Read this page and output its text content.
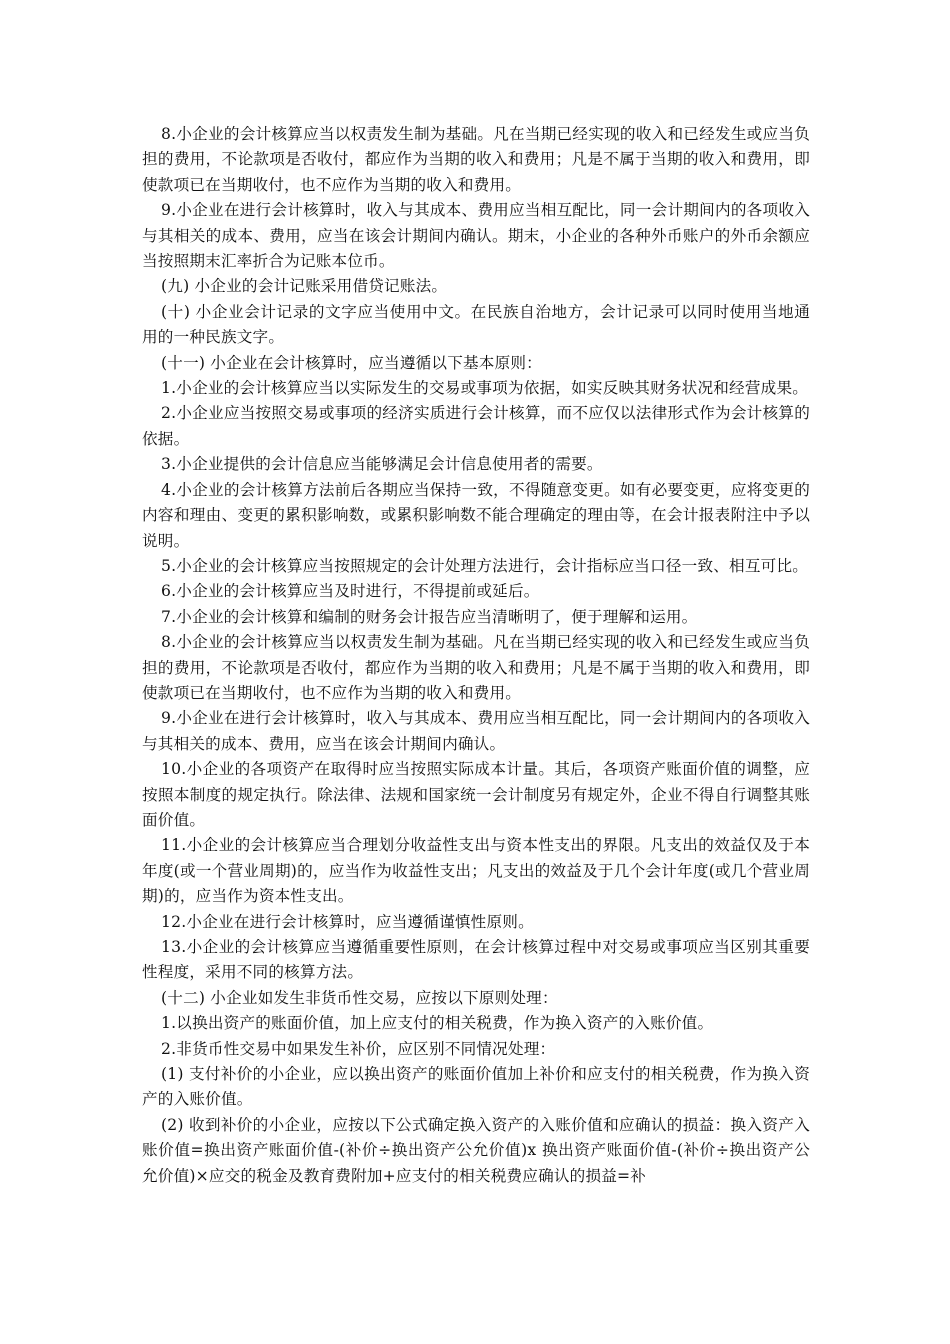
8.小企业的会计核算应当以权责发生制为基础。凡在当期已经实现的收入和已经发生或应当负担的费用，不论款项是否收付，都应作为当期的收入和费用；凡是不属于当期的收入和费用，即使款项已在当期收付，也不应作为当期的收入和费用。

9.小企业在进行会计核算时，收入与其成本、费用应当相互配比，同一会计期间内的各项收入与其相关的成本、费用，应当在该会计期间内确认。期末，小企业的各种外币账户的外币余额应当按照期末汇率折合为记账本位币。

(九) 小企业的会计记账采用借贷记账法。

(十) 小企业会计记录的文字应当使用中文。在民族自治地方，会计记录可以同时使用当地通用的一种民族文字。

(十一) 小企业在会计核算时，应当遵循以下基本原则：

1.小企业的会计核算应当以实际发生的交易或事项为依据，如实反映其财务状况和经营成果。

2.小企业应当按照交易或事项的经济实质进行会计核算，而不应仅以法律形式作为会计核算的依据。

3.小企业提供的会计信息应当能够满足会计信息使用者的需要。

4.小企业的会计核算方法前后各期应当保持一致，不得随意变更。如有必要变更，应将变更的内容和理由、变更的累积影响数，或累积影响数不能合理确定的理由等，在会计报表附注中予以说明。

5.小企业的会计核算应当按照规定的会计处理方法进行，会计指标应当口径一致、相互可比。

6.小企业的会计核算应当及时进行，不得提前或延后。

7.小企业的会计核算和编制的财务会计报告应当清晰明了，便于理解和运用。

8.小企业的会计核算应当以权责发生制为基础。凡在当期已经实现的收入和已经发生或应当负担的费用，不论款项是否收付，都应作为当期的收入和费用；凡是不属于当期的收入和费用，即使款项已在当期收付，也不应作为当期的收入和费用。

9.小企业在进行会计核算时，收入与其成本、费用应当相互配比，同一会计期间内的各项收入与其相关的成本、费用，应当在该会计期间内确认。

10.小企业的各项资产在取得时应当按照实际成本计量。其后，各项资产账面价值的调整，应按照本制度的规定执行。除法律、法规和国家统一会计制度另有规定外，企业不得自行调整其账面价值。

11.小企业的会计核算应当合理划分收益性支出与资本性支出的界限。凡支出的效益仅及于本年度(或一个营业周期)的，应当作为收益性支出；凡支出的效益及于几个会计年度(或几个营业周期)的，应当作为资本性支出。

12.小企业在进行会计核算时，应当遵循谨慎性原则。

13.小企业的会计核算应当遵循重要性原则，在会计核算过程中对交易或事项应当区别其重要性程度，采用不同的核算方法。

(十二) 小企业如发生非货币性交易，应按以下原则处理：

1.以换出资产的账面价值，加上应支付的相关税费，作为换入资产的入账价值。

2.非货币性交易中如果发生补价，应区别不同情况处理：

(1) 支付补价的小企业，应以换出资产的账面价值加上补价和应支付的相关税费，作为换入资产的入账价值。

(2) 收到补价的小企业，应按以下公式确定换入资产的入账价值和应确认的损益：换入资产入账价值=换出资产账面价值-(补价÷换出资产公允价值)x 换出资产账面价值-(补价÷换出资产公允价值)×应交的税金及教育费附加+应支付的相关税费应确认的损益=补
